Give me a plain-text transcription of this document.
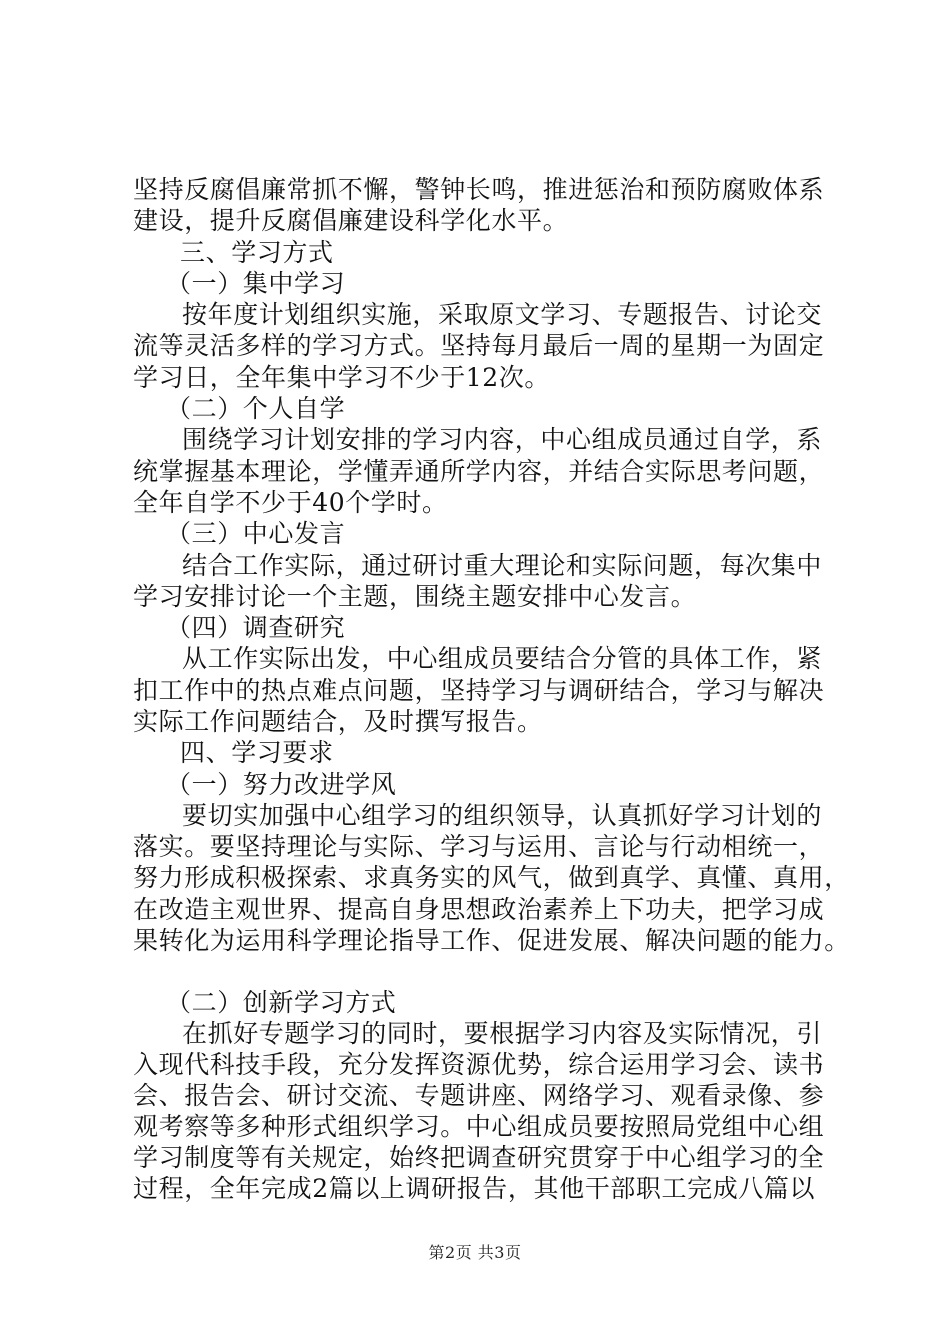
坚持反腐倡廉常抓不懈，警钟长鸣，推进惩治和预防腐败体系
建设，提升反腐倡廉建设科学化水平。
三、学习方式
（一）集中学习
按年度计划组织实施，采取原文学习、专题报告、讨论交
流等灵活多样的学习方式。坚持每月最后一周的星期一为固定
学习日，全年集中学习不少于12次。
（二）个人自学
围绕学习计划安排的学习内容，中心组成员通过自学，系
统掌握基本理论，学懂弄通所学内容，并结合实际思考问题，
全年自学不少于40个学时。
（三）中心发言
结合工作实际，通过研讨重大理论和实际问题，每次集中
学习安排讨论一个主题，围绕主题安排中心发言。
（四）调查研究
从工作实际出发，中心组成员要结合分管的具体工作，紧
扣工作中的热点难点问题，坚持学习与调研结合，学习与解决
实际工作问题结合，及时撰写报告。
四、学习要求
（一）努力改进学风
要切实加强中心组学习的组织领导，认真抓好学习计划的
落实。要坚持理论与实际、学习与运用、言论与行动相统一，
努力形成积极探索、求真务实的风气，做到真学、真懂、真用，
在改造主观世界、提高自身思想政治素养上下功夫，把学习成
果转化为运用科学理论指导工作、促进发展、解决问题的能力。
（二）创新学习方式
在抓好专题学习的同时，要根据学习内容及实际情况，引
入现代科技手段，充分发挥资源优势，综合运用学习会、读书
会、报告会、研讨交流、专题讲座、网络学习、观看录像、参
观考察等多种形式组织学习。中心组成员要按照局党组中心组
学习制度等有关规定，始终把调查研究贯穿于中心组学习的全
过程，全年完成2篇以上调研报告，其他干部职工完成八篇以
第2页 共3页
